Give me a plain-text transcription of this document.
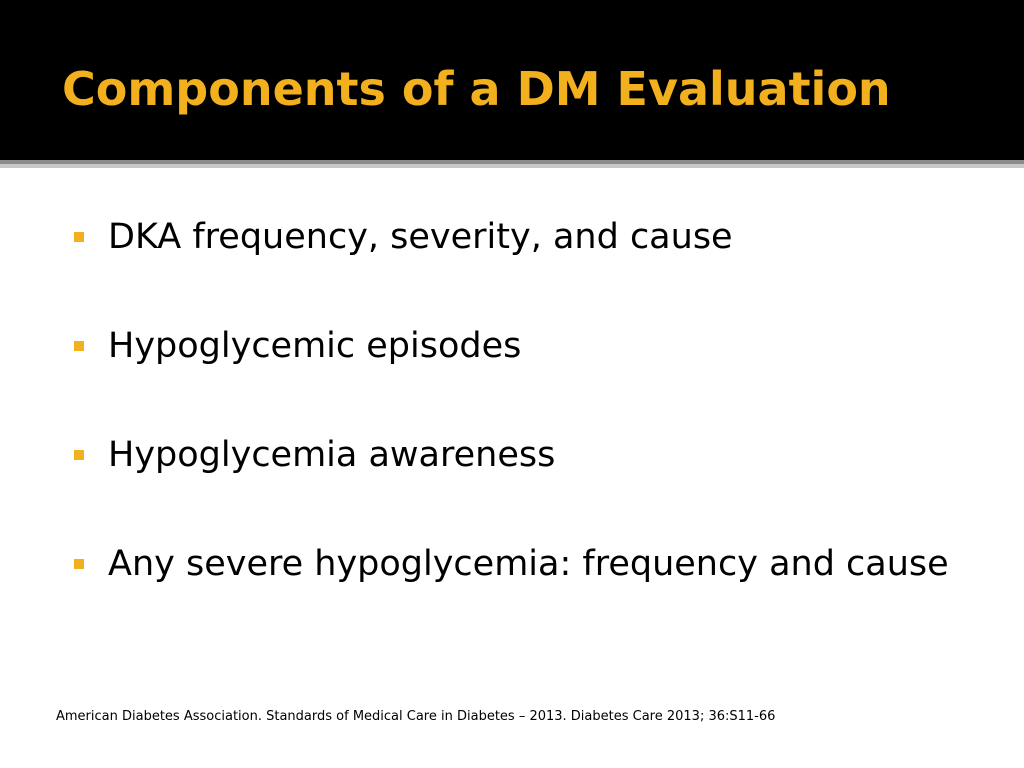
Components of a DM Evaluation
DKA frequency, severity, and cause
Hypoglycemic episodes
Hypoglycemia awareness
Any severe hypoglycemia: frequency and cause

American Diabetes Association. Standards of Medical Care in Diabetes – 2013. Diabetes Care 2013; 36:S11-66
